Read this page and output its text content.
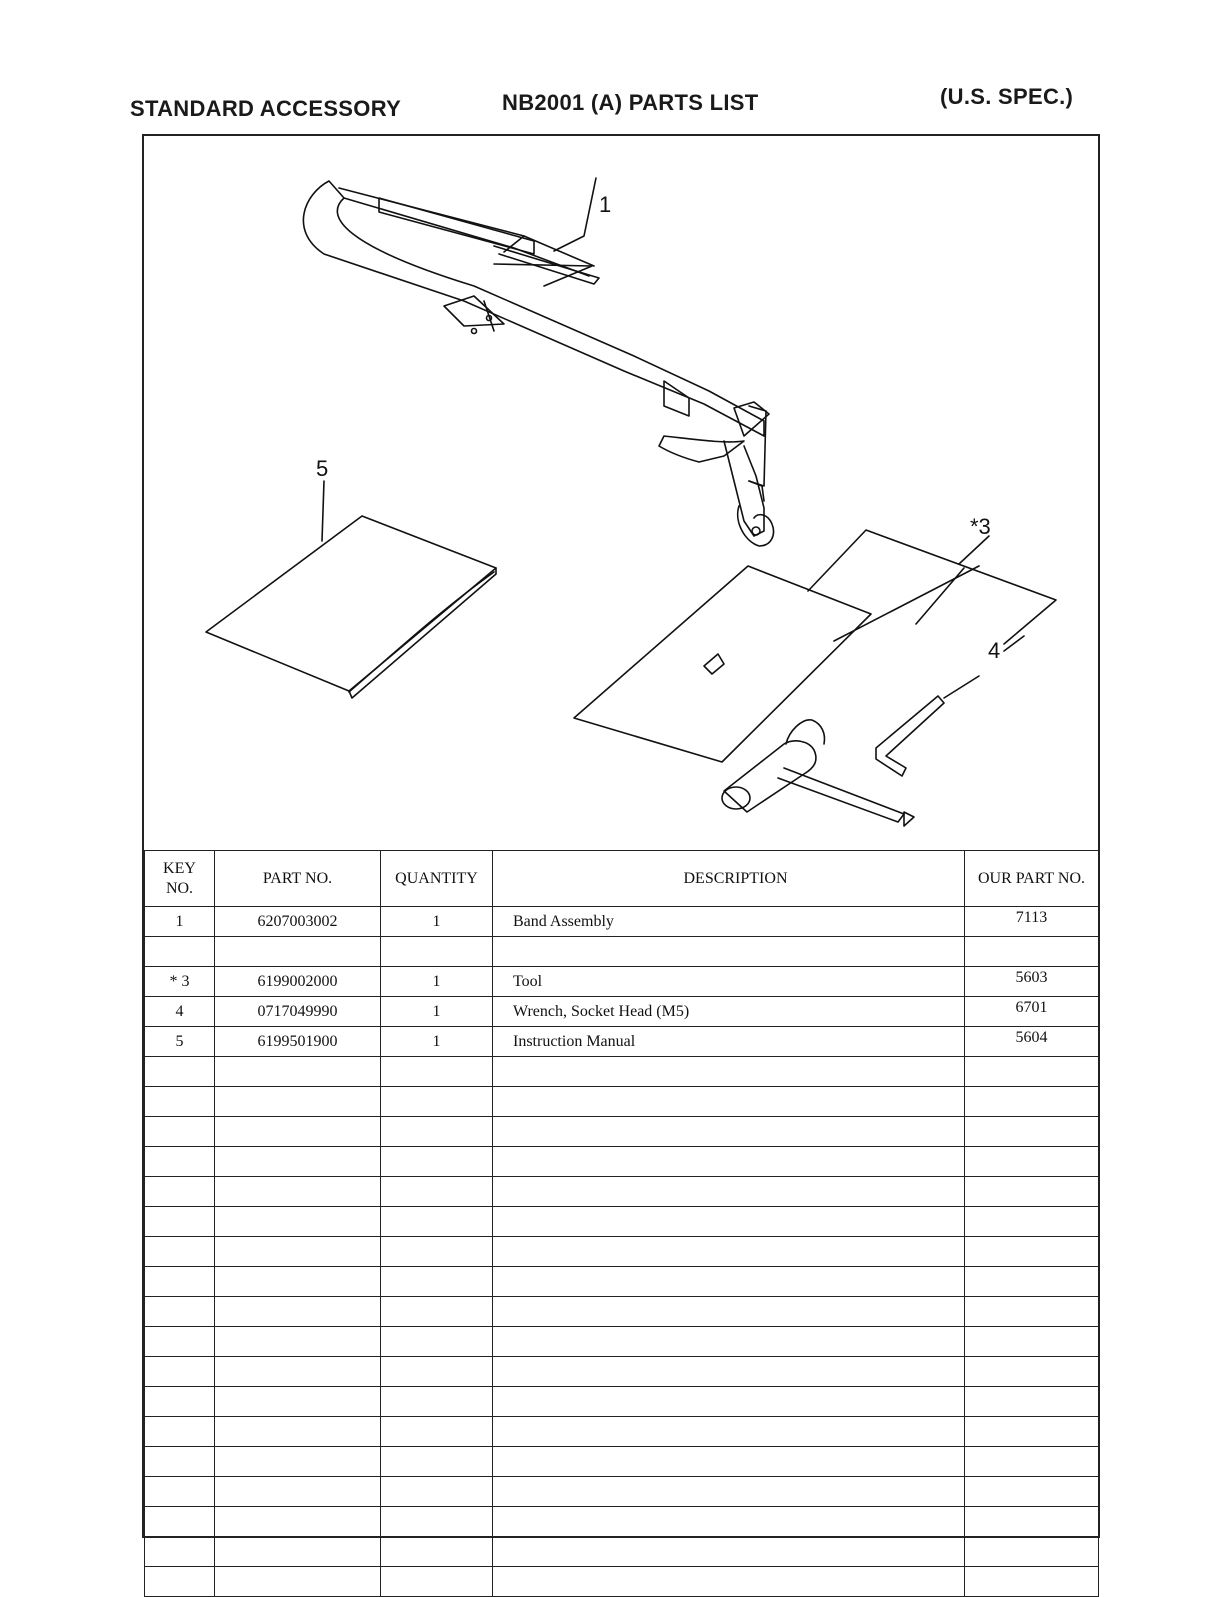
STANDARD ACCESSORY	NB2001 (A) PARTS LIST	(U.S. SPEC.)
1
5
*3
4
KEY NO.	PART NO.	QUANTITY	DESCRIPTION	OUR PART NO.
1	6207003002	1	Band Assembly	7113

* 3	6199002000	1	Tool	5603
4	0717049990	1	Wrench, Socket Head (M5)	6701
5	6199501900	1	Instruction Manual	5604
